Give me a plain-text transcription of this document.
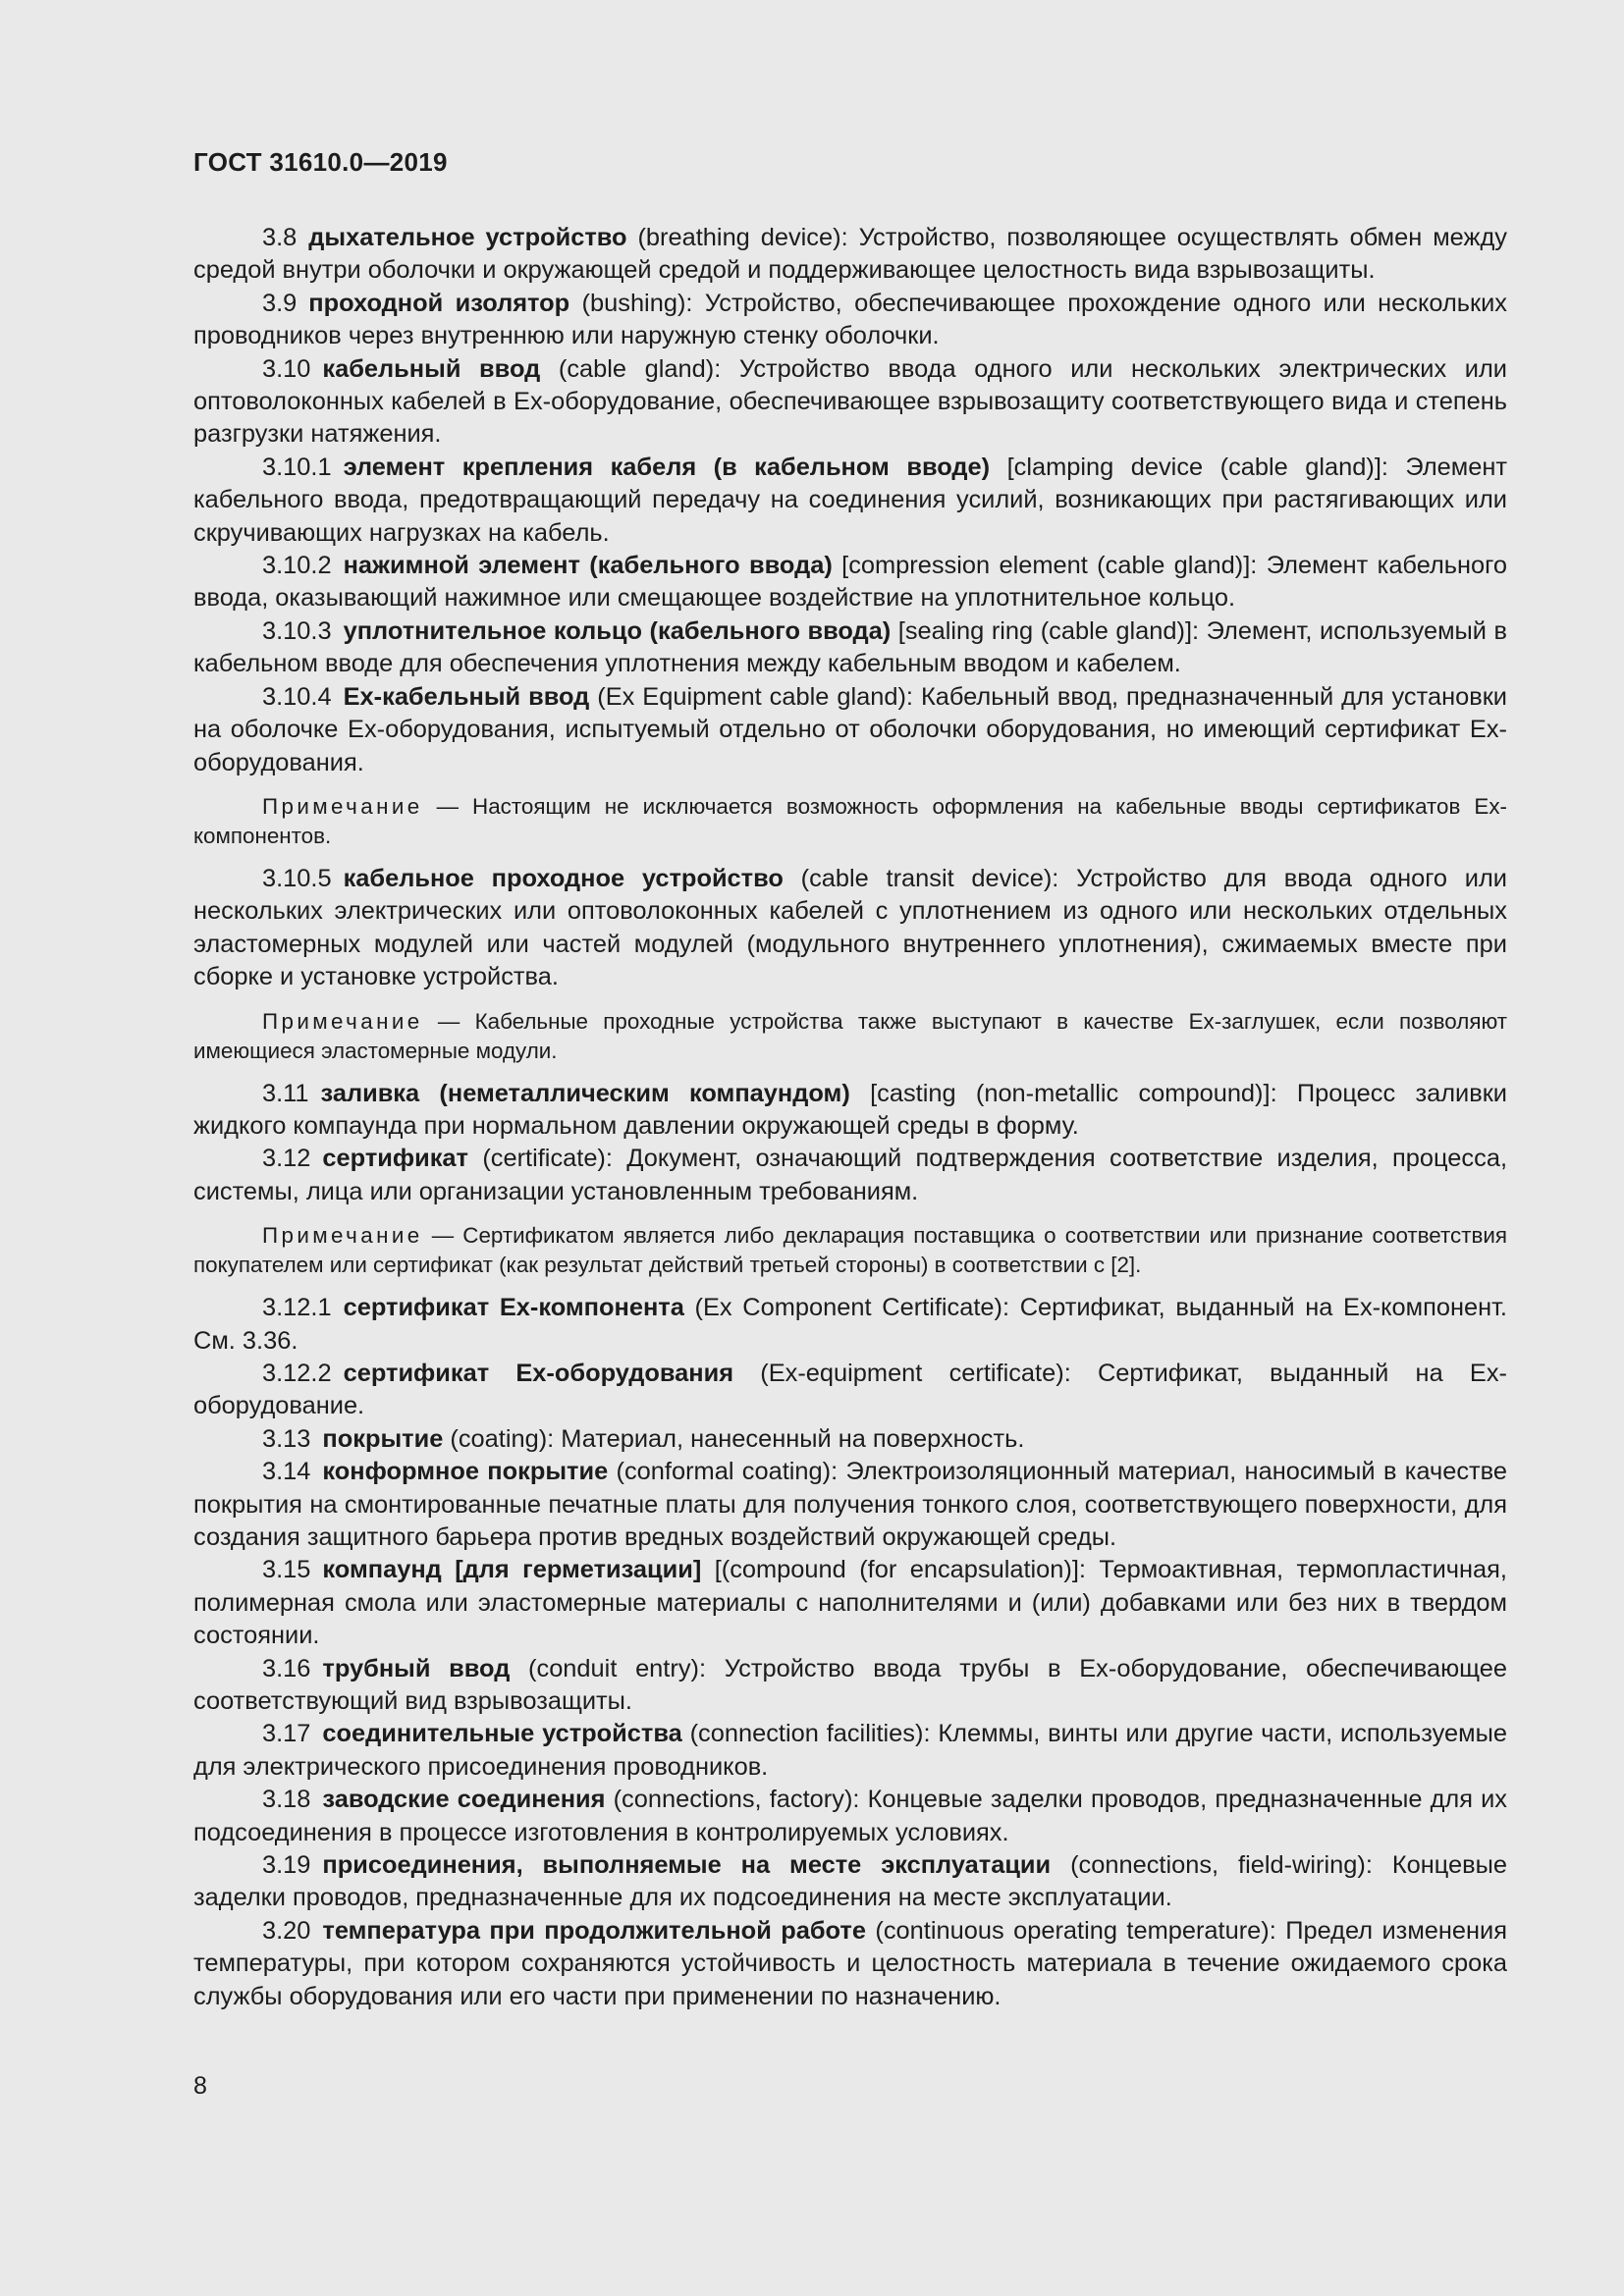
ГОСТ 31610.0—2019

3.8 дыхательное устройство (breathing device): Устройство, позволяющее осуществлять обмен между средой внутри оболочки и окружающей средой и поддерживающее целостность вида взрывозащиты.

3.9 проходной изолятор (bushing): Устройство, обеспечивающее прохождение одного или нескольких проводников через внутреннюю или наружную стенку оболочки.

3.10 кабельный ввод (cable gland): Устройство ввода одного или нескольких электрических или оптоволоконных кабелей в Ex-оборудование, обеспечивающее взрывозащиту соответствующего вида и степень разгрузки натяжения.

3.10.1 элемент крепления кабеля (в кабельном вводе) [clamping device (cable gland)]: Элемент кабельного ввода, предотвращающий передачу на соединения усилий, возникающих при растягивающих или скручивающих нагрузках на кабель.

3.10.2 нажимной элемент (кабельного ввода) [compression element (cable gland)]: Элемент кабельного ввода, оказывающий нажимное или смещающее воздействие на уплотнительное кольцо.

3.10.3 уплотнительное кольцо (кабельного ввода) [sealing ring (cable gland)]: Элемент, используемый в кабельном вводе для обеспечения уплотнения между кабельным вводом и кабелем.

3.10.4 Ex-кабельный ввод (Ex Equipment cable gland): Кабельный ввод, предназначенный для установки на оболочке Ex-оборудования, испытуемый отдельно от оболочки оборудования, но имеющий сертификат Ex-оборудования.

Примечание — Настоящим не исключается возможность оформления на кабельные вводы сертификатов Ex-компонентов.

3.10.5 кабельное проходное устройство (cable transit device): Устройство для ввода одного или нескольких электрических или оптоволоконных кабелей с уплотнением из одного или нескольких отдельных эластомерных модулей или частей модулей (модульного внутреннего уплотнения), сжимаемых вместе при сборке и установке устройства.

Примечание — Кабельные проходные устройства также выступают в качестве Ex-заглушек, если позволяют имеющиеся эластомерные модули.

3.11 заливка (неметаллическим компаундом) [casting (non-metallic compound)]: Процесс заливки жидкого компаунда при нормальном давлении окружающей среды в форму.

3.12 сертификат (certificate): Документ, означающий подтверждения соответствие изделия, процесса, системы, лица или организации установленным требованиям.

Примечание — Сертификатом является либо декларация поставщика о соответствии или признание соответствия покупателем или сертификат (как результат действий третьей стороны) в соответствии с [2].

3.12.1 сертификат Ex-компонента (Ex Component Certificate): Сертификат, выданный на Ex-компонент. См. 3.36.

3.12.2 сертификат Ex-оборудования (Ex-equipment certificate): Сертификат, выданный на Ex-оборудование.

3.13 покрытие (coating): Материал, нанесенный на поверхность.

3.14 конформное покрытие (conformal coating): Электроизоляционный материал, наносимый в качестве покрытия на смонтированные печатные платы для получения тонкого слоя, соответствующего поверхности, для создания защитного барьера против вредных воздействий окружающей среды.

3.15 компаунд [для герметизации] [(compound (for encapsulation)]: Термоактивная, термопластичная, полимерная смола или эластомерные материалы с наполнителями и (или) добавками или без них в твердом состоянии.

3.16 трубный ввод (conduit entry): Устройство ввода трубы в Ex-оборудование, обеспечивающее соответствующий вид взрывозащиты.

3.17 соединительные устройства (connection facilities): Клеммы, винты или другие части, используемые для электрического присоединения проводников.

3.18 заводские соединения (connections, factory): Концевые заделки проводов, предназначенные для их подсоединения в процессе изготовления в контролируемых условиях.

3.19 присоединения, выполняемые на месте эксплуатации (connections, field-wiring): Концевые заделки проводов, предназначенные для их подсоединения на месте эксплуатации.

3.20 температура при продолжительной работе (continuous operating temperature): Предел изменения температуры, при котором сохраняются устойчивость и целостность материала в течение ожидаемого срока службы оборудования или его части при применении по назначению.

8
